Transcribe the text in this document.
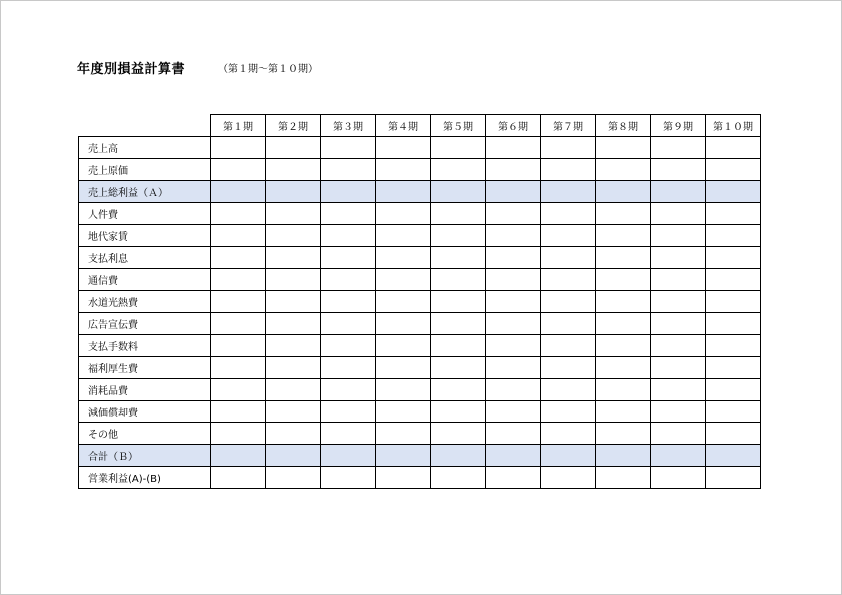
年度別損益計算書	（第１期～第１０期）
	第１期	第２期	第３期	第４期	第５期	第６期	第７期	第８期	第９期	第１０期
売上高										
売上原価										
売上総利益（Ａ）										
人件費										
地代家賃										
支払利息										
通信費										
水道光熱費										
広告宣伝費										
支払手数料										
福利厚生費										
消耗品費										
減価償却費										
その他										
合計（Ｂ）										
営業利益(A)-(B)										
